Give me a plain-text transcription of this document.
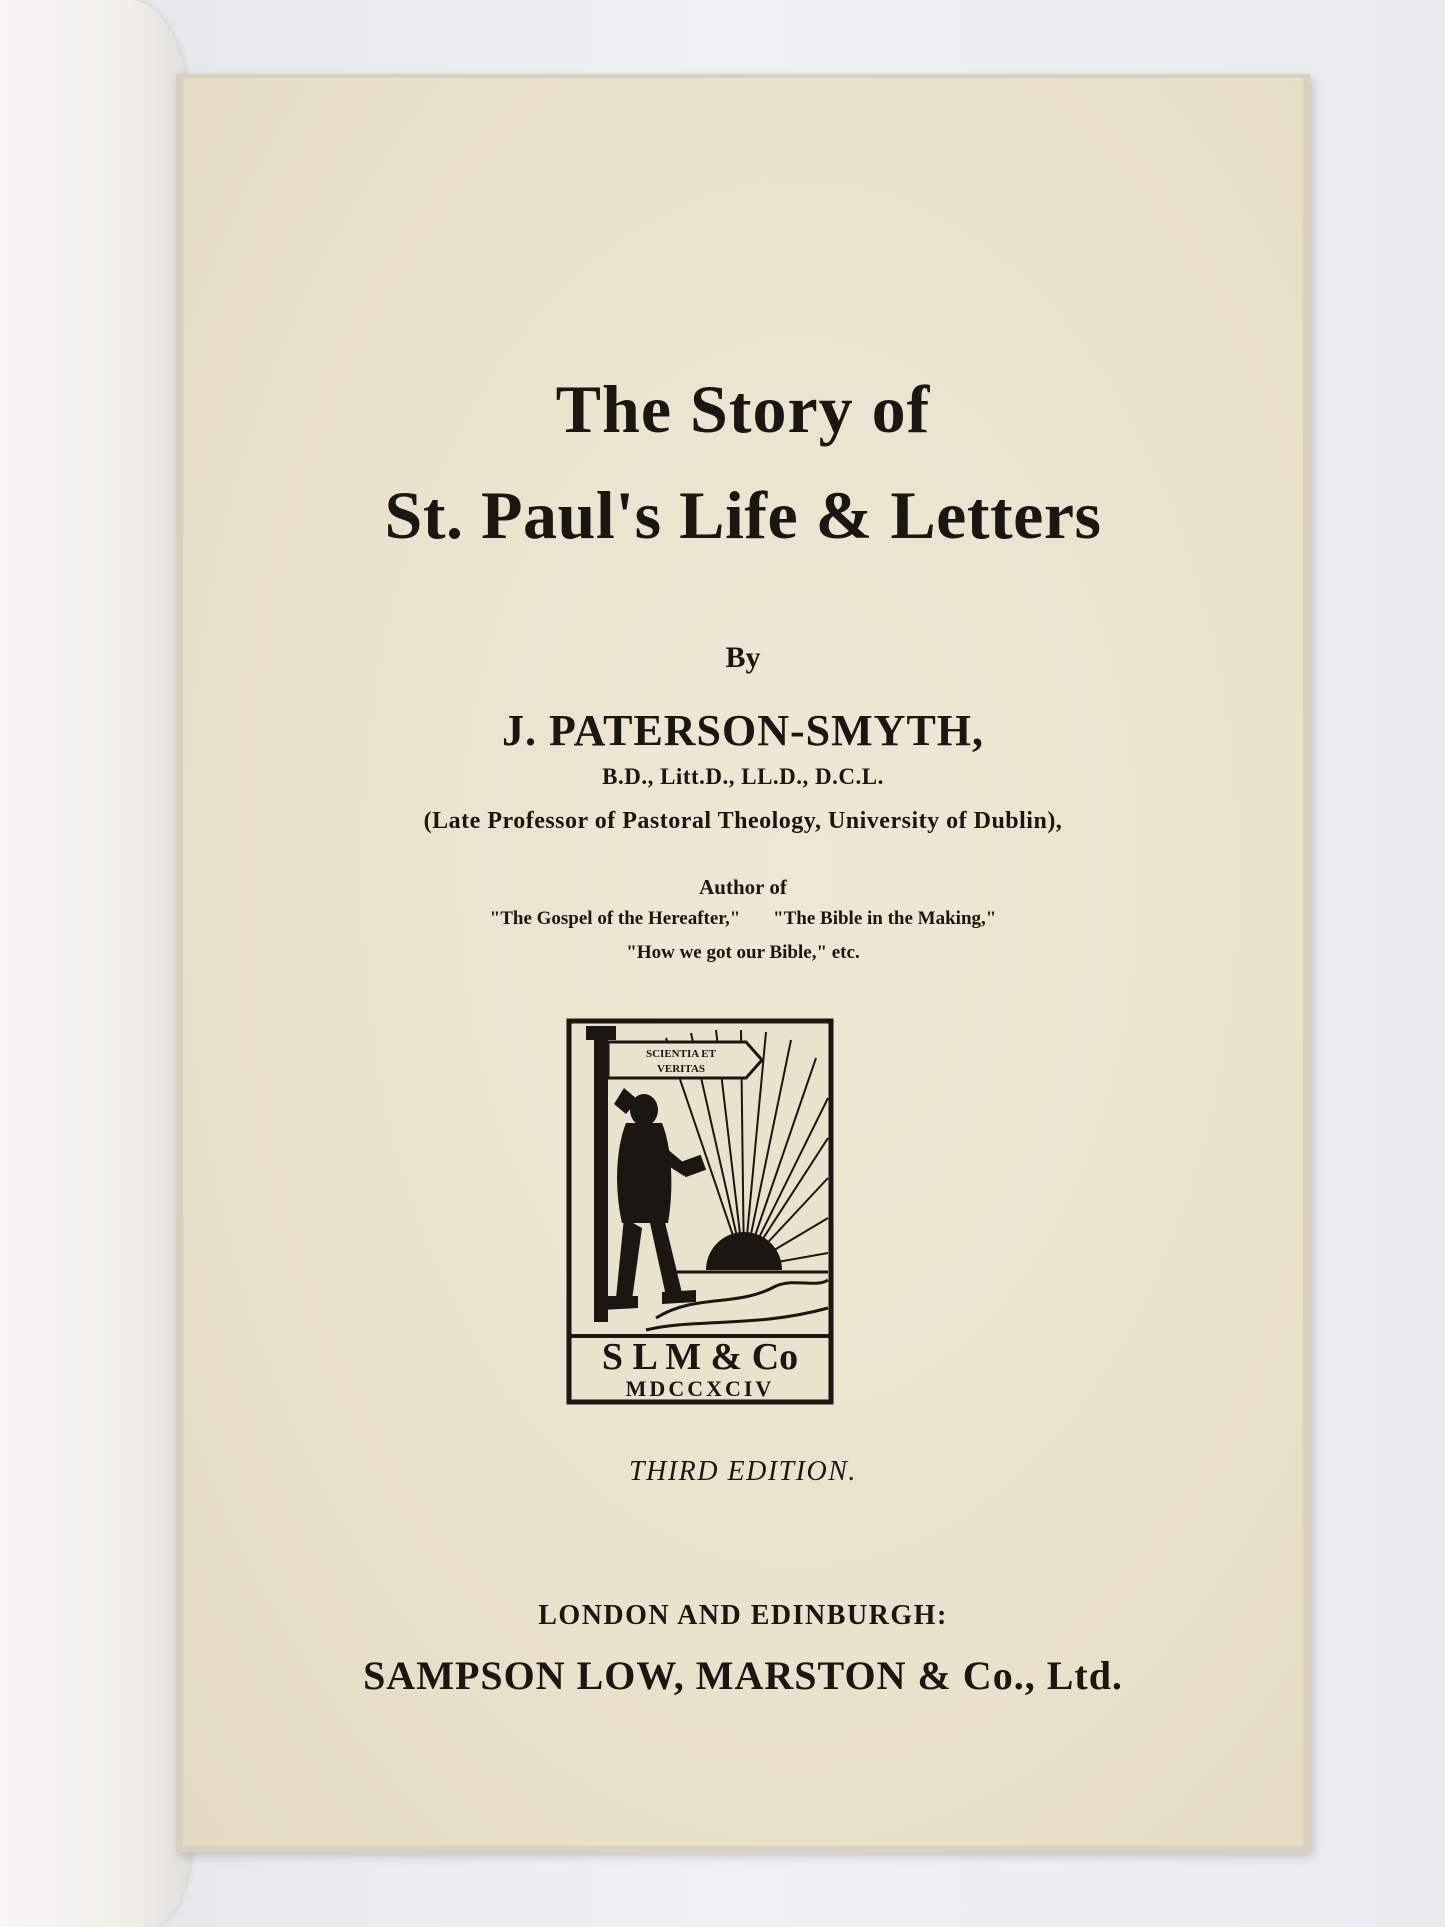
The Story of
St. Paul's Life & Letters
By
J. PATERSON-SMYTH,
B.D., Litt.D., LL.D., D.C.L.
(Late Professor of Pastoral Theology, University of Dublin),
Author of
"The Gospel of the Hereafter," "The Bible in the Making,"
"How we got our Bible," etc.
SCIENTIA ET
VERITAS
S L M & Co
MDCCXCIV
THIRD EDITION.
LONDON AND EDINBURGH:
SAMPSON LOW, MARSTON & Co., Ltd.
